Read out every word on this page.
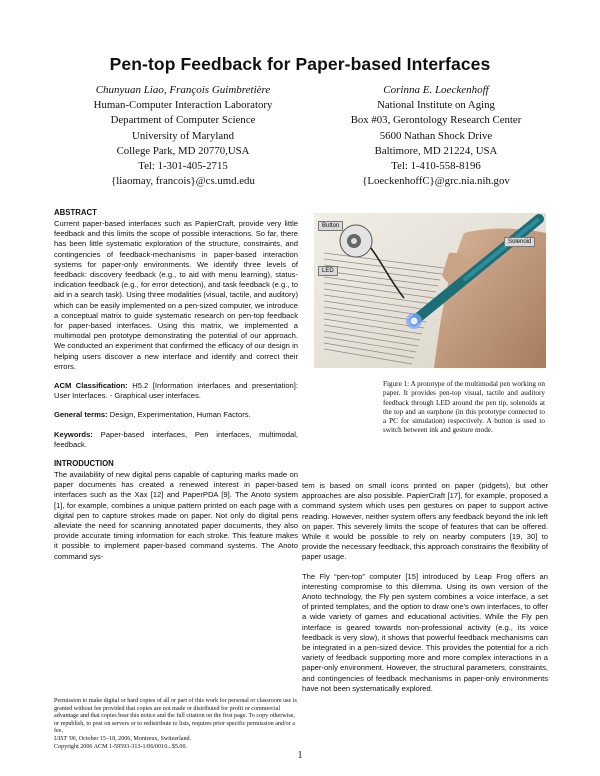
Pen-top Feedback for Paper-based Interfaces
Chunyuan Liao, François Guimbretière
Human-Computer Interaction Laboratory
Department of Computer Science
University of Maryland
College Park, MD 20770,USA
Tel: 1-301-405-2715
{liaomay, francois}@cs.umd.edu
Corinna E. Loeckenhoff
National Institute on Aging
Box #03, Gerontology Research Center
5600 Nathan Shock Drive
Baltimore, MD 21224, USA
Tel: 1-410-558-8196
{LoeckenhoffC}@grc.nia.nih.gov
ABSTRACT

Current paper-based interfaces such as PapierCraft, provide very little feedback and this limits the scope of possible interactions. So far, there has been little systematic exploration of the structure, constraints, and contingencies of feedback-mechanisms in paper-based interaction systems for paper-only environments. We identify three levels of feedback: discovery feedback (e.g., to aid with menu learning), status-indication feedback (e.g., for error detection), and task feedback (e.g., to aid in a search task). Using three modalities (visual, tactile, and auditory) which can be easily implemented on a pen-sized computer, we introduce a conceptual matrix to guide systematic research on pen-top feedback for paper-based interfaces. Using this matrix, we implemented a multimodal pen prototype demonstrating the potential of our approach. We conducted an experiment that confirmed the efficacy of our design in helping users discover a new interface and identify and correct their errors.

ACM Classification: H5.2 [Information interfaces and presentation]: User Interfaces. - Graphical user interfaces.

General terms: Design, Experimentation, Human Factors.

Keywords: Paper-based interfaces, Pen interfaces, multimodal, feedback.

INTRODUCTION

The availability of new digital pens capable of capturing marks made on paper documents has created a renewed interest in paper-based interfaces such as the Xax [12] and PaperPDA [9]. The Anoto system [1], for example, combines a unique pattern printed on each page with a digital pen to capture strokes made on paper. Not only do digital pens alleviate the need for scanning annotated paper documents, they also provide accurate timing information for each stroke. This feature makes it possible to implement paper-based command systems. The Anoto command sys-

Button
Solenoid
LED
Figure 1: A prototype of the multimodal pen working on paper. It provides pen-top visual, tactile and auditory feedback through LED around the pen tip, solenoids at the top and an earphone (in this prototype connected to a PC for simulation) respectively. A button is used to switch between ink and gesture mode.

tem is based on small icons printed on paper (pidgets), but other approaches are also possible. PapierCraft [17], for example, proposed a command system which uses pen gestures on paper to support active reading. However, neither system offers any feedback beyond the ink left on paper. This severely limits the scope of features that can be offered. While it would be possible to rely on nearby computers [19, 30] to provide the necessary feedback, this approach constrains the flexibility of paper usage.

The Fly “pen-top” computer [15] introduced by Leap Frog offers an interesting compromise to this dilemma. Using its own version of the Anoto technology, the Fly pen system combines a voice interface, a set of printed templates, and the option to draw one's own interfaces, to offer a wide variety of games and educational activities. While the Fly pen interface is geared towards non-professional activity (e.g., its voice feedback is very slow), it shows that powerful feedback mechanisms can be integrated in a pen-sized device. This provides the potential for a rich variety of feedback supporting more and more complex interactions in a paper-only environment. However, the structural parameters, constraints, and contingencies of feedback mechanisms in paper-only environments have not been systematically explored.

Permission to make digital or hard copies of all or part of this work for personal or classroom use is granted without fee provided that copies are not made or distributed for profit or commercial advantage and that copies bear this notice and the full citation on the first page. To copy otherwise, or republish, to post on servers or to redistribute to lists, requires prior specific permission and/or a fee.
UIST '06, October 15–18, 2006, Montreux, Switzerland.
Copyright 2006 ACM 1-59593-313-1/06/0010...$5.00.
1
